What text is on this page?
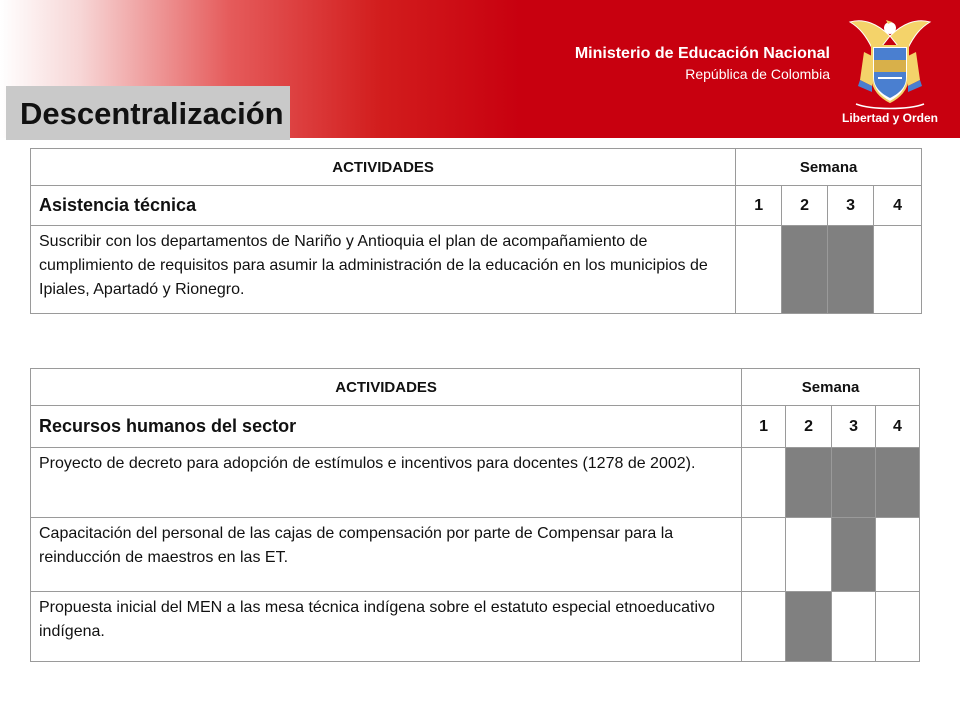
Ministerio de Educación Nacional
República de Colombia
Libertad y Orden
Descentralización
ACTIVIDADES	Semana			
Asistencia técnica	1	2	3	4
Suscribir con los departamentos de Nariño y Antioquia el plan de acompañamiento de cumplimiento de requisitos para asumir la administración de la educación en los municipios de Ipiales, Apartadó y Rionegro.				
ACTIVIDADES	Semana			
Recursos humanos del sector	1	2	3	4
Proyecto de decreto para adopción de estímulos e incentivos para docentes (1278 de 2002).				
Capacitación del personal de las cajas de compensación por parte de Compensar para la reinducción de maestros en las ET.				
Propuesta inicial del MEN a las mesa técnica indígena sobre el estatuto especial etnoeducativo indígena.				
